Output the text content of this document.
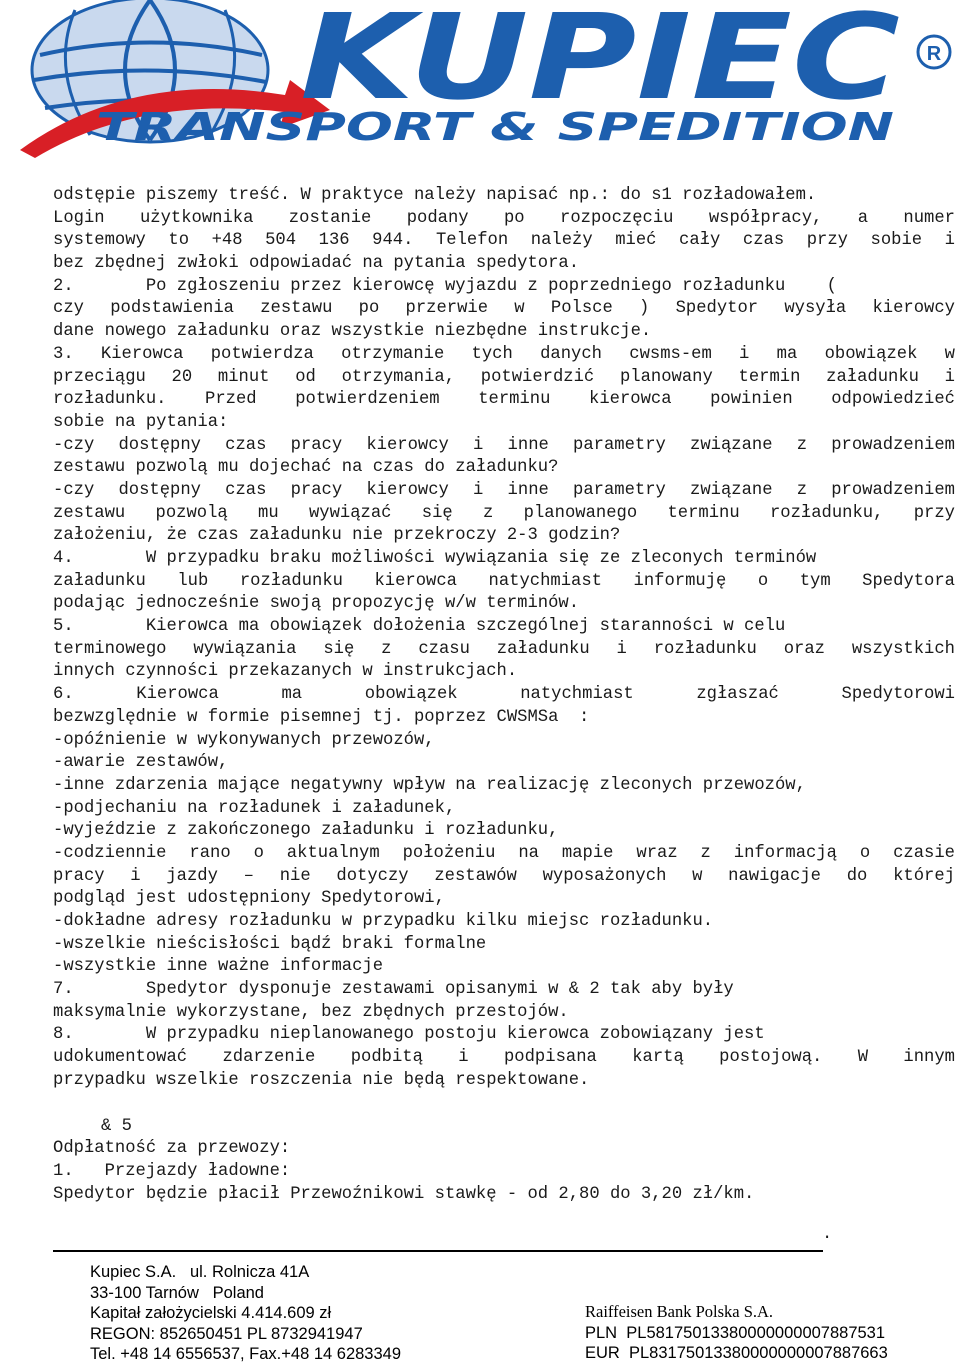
KUPIEC R
TRANSPORT & SPEDITION
odstępie piszemy treść. W praktyce należy napisać np.: do s1 rozładowałem.
Login użytkownika zostanie podany po rozpoczęciu współpracy, a numer
systemowy to +48 504 136 944. Telefon należy mieć cały czas przy sobie i
bez zbędnej zwłoki odpowiadać na pytania spedytora.
2.       Po zgłoszeniu przez kierowcę wyjazdu z poprzedniego rozładunku    (
czy podstawienia zestawu po przerwie w Polsce ) Spedytor wysyła kierowcy
dane nowego załadunku oraz wszystkie niezbędne instrukcje.
3. Kierowca potwierdza otrzymanie tych danych cwsms-em i ma obowiązek w
przeciągu 20 minut od otrzymania, potwierdzić planowany termin załadunku i
rozładunku. Przed potwierdzeniem terminu kierowca powinien odpowiedzieć
sobie na pytania:
-czy dostępny czas pracy kierowcy i inne parametry związane z prowadzeniem
zestawu pozwolą mu dojechać na czas do załadunku?
-czy dostępny czas pracy kierowcy i inne parametry związane z prowadzeniem
zestawu pozwolą mu wywiązać się z planowanego terminu rozładunku, przy
założeniu, że czas załadunku nie przekroczy 2-3 godzin?
4.       W przypadku braku możliwości wywiązania się ze zleconych terminów
załadunku lub rozładunku kierowca natychmiast informuję o tym Spedytora
podając jednocześnie swoją propozycję w/w terminów.
5.       Kierowca ma obowiązek dołożenia szczególnej staranności w celu
terminowego wywiązania się z czasu załadunku i rozładunku oraz wszystkich
innych czynności przekazanych w instrukcjach.
6. Kierowca ma obowiązek natychmiast zgłaszać Spedytorowi
bezwzględnie w formie pisemnej tj. poprzez CWSMSa  :
-opóźnienie w wykonywanych przewozów,
-awarie zestawów,
-inne zdarzenia mające negatywny wpływ na realizację zleconych przewozów,
-podjechaniu na rozładunek i załadunek,
-wyjeździe z zakończonego załadunku i rozładunku,
-codziennie rano o aktualnym położeniu na mapie wraz z informacją o czasie
pracy i jazdy – nie dotyczy zestawów wyposażonych w nawigacje do której
podgląd jest udostępniony Spedytorowi,
-dokładne adresy rozładunku w przypadku kilku miejsc rozładunku.
-wszelkie nieścisłości bądź braki formalne
-wszystkie inne ważne informacje
7.       Spedytor dysponuje zestawami opisanymi w & 2 tak aby były
maksymalnie wykorzystane, bez zbędnych przestojów.
8.       W przypadku nieplanowanego postoju kierowca zobowiązany jest
udokumentować zdarzenie podbitą i podpisana kartą postojową. W innym
przypadku wszelkie roszczenia nie będą respektowane.
& 5
Odpłatność za przewozy:
1.   Przejazdy ładowne:
Spedytor będzie płacił Przewoźnikowi stawkę - od 2,80 do 3,20 zł/km.
.
Kupiec S.A.   ul. Rolnicza 41A
33-100 Tarnów   Poland
Kapitał założycielski 4.414.609 zł
REGON: 852650451 PL 8732941947
Tel. +48 14 6556537, Fax.+48 14 6283349
Raiffeisen Bank Polska S.A.
PLN  PL58175013380000000007887531
EUR  PL83175013380000000007887663
